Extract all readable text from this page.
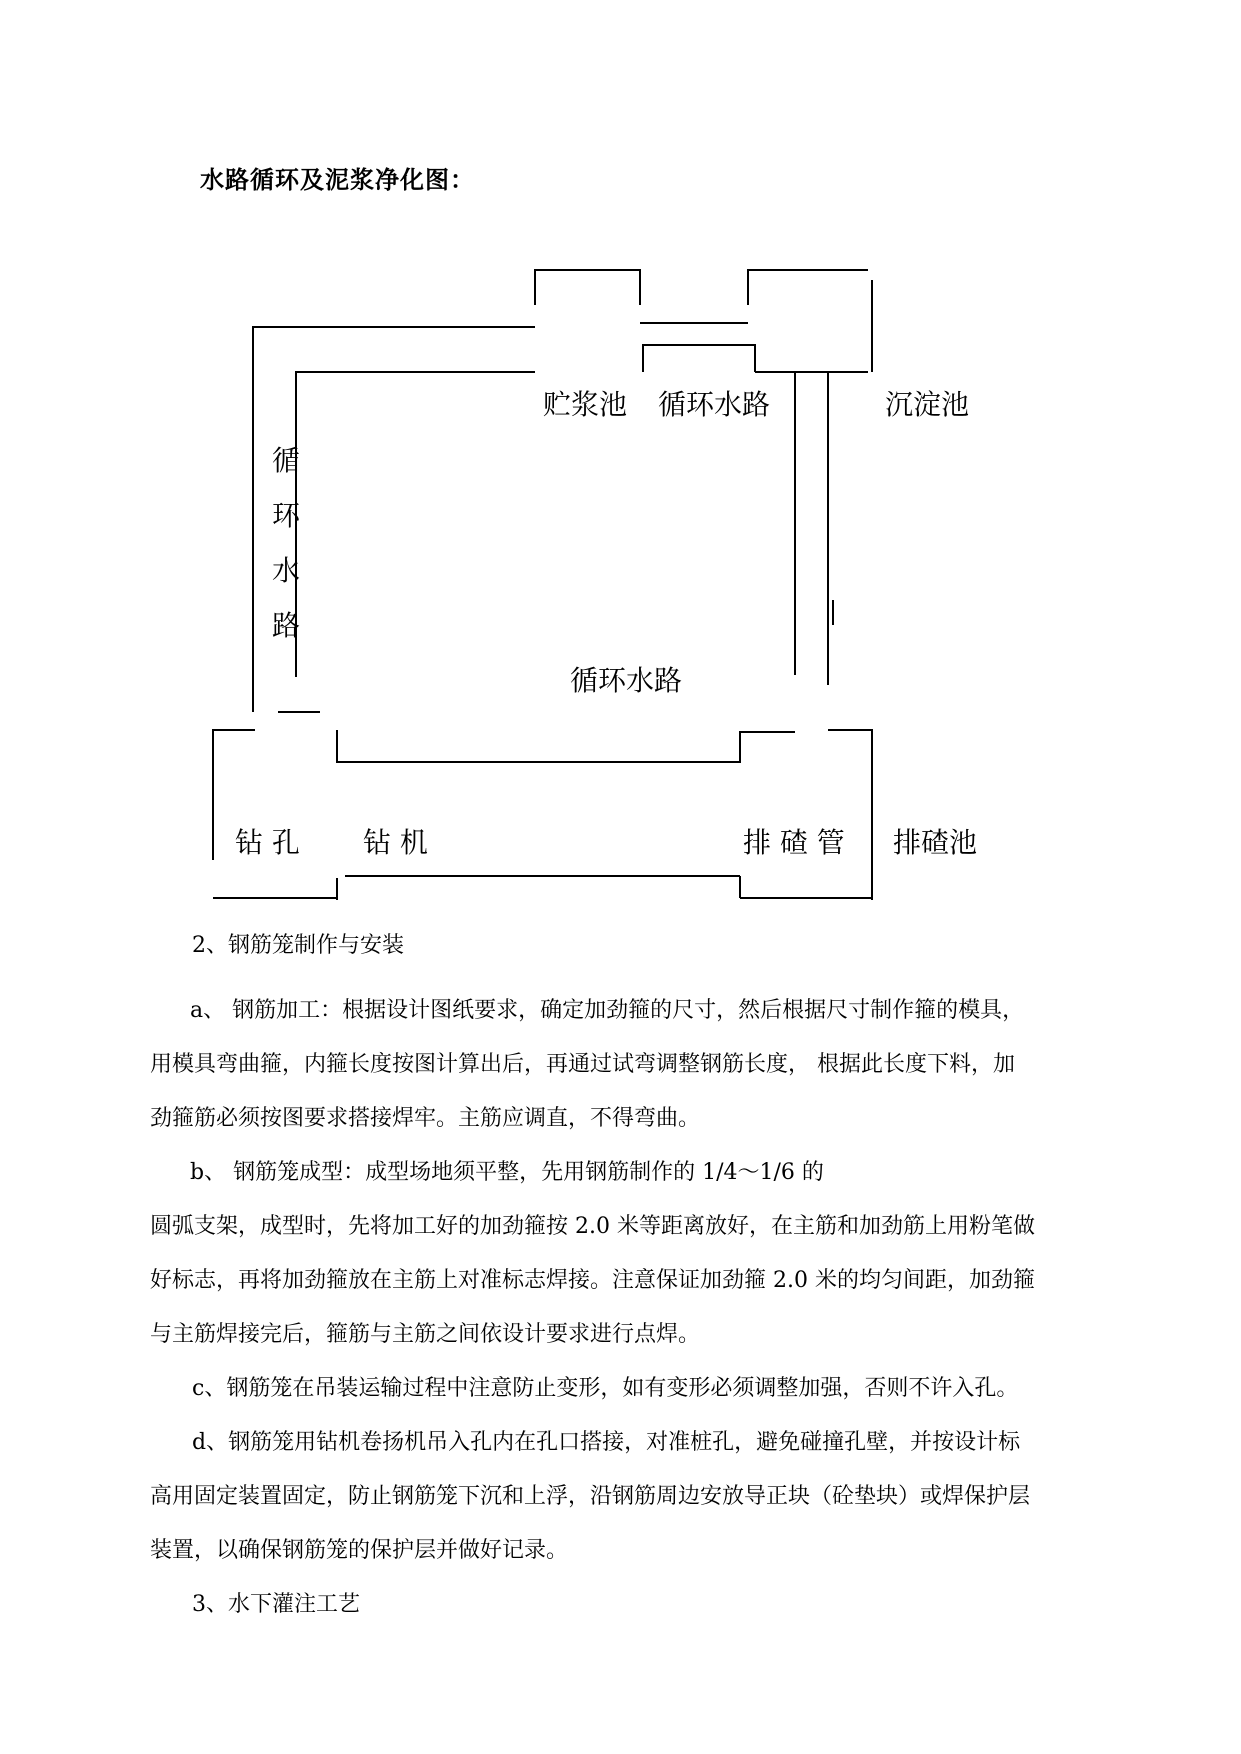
水路循环及泥浆净化图：
贮浆池 循环水路	沉淀池
循
环
水
路
循环水路
钻 孔 钻 机	排 碴 管 排碴池

2、钢筋笼制作与安装

a、 钢筋加工：根据设计图纸要求，确定加劲箍的尺寸，然后根据尺寸制作箍的模具，

用模具弯曲箍，内箍长度按图计算出后，再通过试弯调整钢筋长度， 根据此长度下料，加

劲箍筋必须按图要求搭接焊牢。主筋应调直，不得弯曲。

b、 钢筋笼成型：成型场地须平整，先用钢筋制作的 1/4～1/6 的

圆弧支架，成型时，先将加工好的加劲箍按 2.0 米等距离放好，在主筋和加劲筋上用粉笔做

好标志，再将加劲箍放在主筋上对准标志焊接。注意保证加劲箍 2.0 米的均匀间距，加劲箍

与主筋焊接完后，箍筋与主筋之间依设计要求进行点焊。

c、钢筋笼在吊装运输过程中注意防止变形，如有变形必须调整加强，否则不许入孔。

d、钢筋笼用钻机卷扬机吊入孔内在孔口搭接，对准桩孔，避免碰撞孔壁，并按设计标

高用固定装置固定，防止钢筋笼下沉和上浮，沿钢筋周边安放导正块（砼垫块）或焊保护层

装置，以确保钢筋笼的保护层并做好记录。

3、水下灌注工艺
